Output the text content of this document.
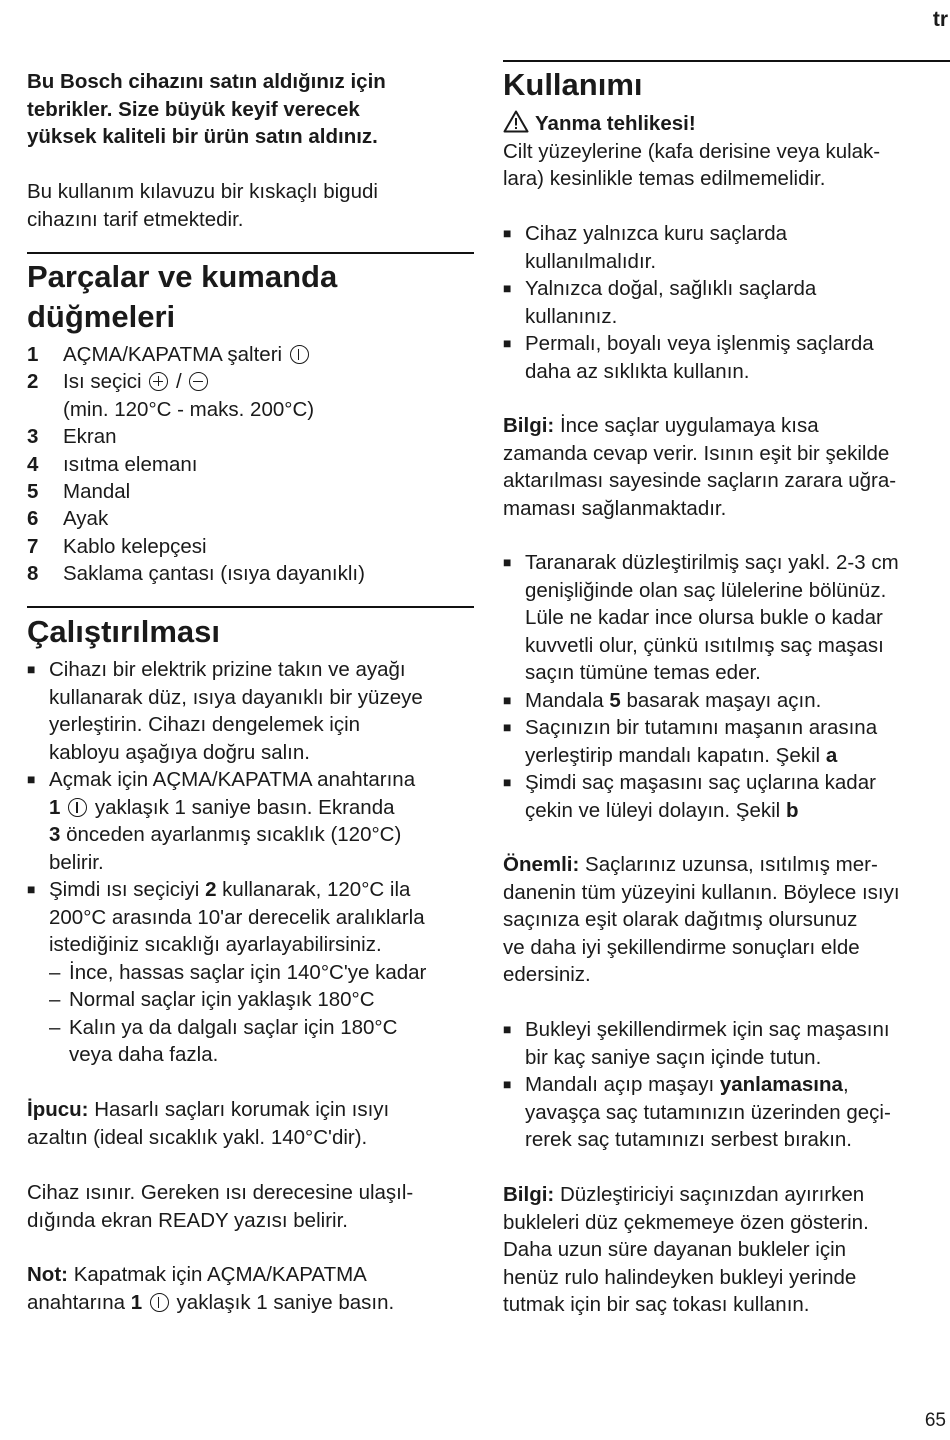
tr
65

Bu Bosch cihazını satın aldığınız için

tebrikler. Size büyük keyif verecek

yüksek kaliteli bir ürün satın aldınız.

Bu kullanım kılavuzu bir kıskaçlı bigudi

cihazını tarif etmektedir.

Parçalar ve kumanda
düğmeleri
1	AÇMA/KAPATMA şalteri
2	Isı seçici /
(min. 120°C - maks. 200°C)
3	Ekran
4	ısıtma elemanı
5	Mandal
6	Ayak
7	Kablo kelepçesi
8	Saklama çantası (ısıya dayanıklı)
Çalıştırılması
■ Cihazı bir elektrik prizine takın ve ayağı
kullanarak düz, ısıya dayanıklı bir yüzeye
yerleştirin. Cihazı dengelemek için
kabloyu aşağıya doğru salın.
■ Açmak için AÇMA/KAPATMA anahtarına
1 yaklaşık 1 saniye basın. Ekranda
3 önceden ayarlanmış sıcaklık (120°C)
belirir.
■ Şimdi ısı seçiciyi 2 kullanarak, 120°C ila
200°C arasında 10'ar derecelik aralıklarla
istediğiniz sıcaklığı ayarlayabilirsiniz.
– İnce, hassas saçlar için 140°C'ye kadar
– Normal saçlar için yaklaşık 180°C
– Kalın ya da dalgalı saçlar için 180°C
veya daha fazla.

İpucu: Hasarlı saçları korumak için ısıyı

azaltın (ideal sıcaklık yakl. 140°C'dir).

Cihaz ısınır. Gereken ısı derecesine ulaşıl-

dığında ekran READY yazısı belirir.

Not: Kapatmak için AÇMA/KAPATMA

anahtarına 1 yaklaşık 1 saniye basın.

Kullanımı

Yanma tehlikesi!

Cilt yüzeylerine (kafa derisine veya kulak-

lara) kesinlikle temas edilmemelidir.

■ Cihaz yalnızca kuru saçlarda
kullanılmalıdır.
■ Yalnızca doğal, sağlıklı saçlarda
kullanınız.
■ Permalı, boyalı veya işlenmiş saçlarda
daha az sıklıkta kullanın.

Bilgi: İnce saçlar uygulamaya kısa

zamanda cevap verir. Isının eşit bir şekilde

aktarılması sayesinde saçların zarara uğra-

maması sağlanmaktadır.

■ Taranarak düzleştirilmiş saçı yakl. 2-3 cm
genişliğinde olan saç lülelerine bölünüz.
Lüle ne kadar ince olursa bukle o kadar
kuvvetli olur, çünkü ısıtılmış saç maşası
saçın tümüne temas eder.
■ Mandala 5 basarak maşayı açın.
■ Saçınızın bir tutamını maşanın arasına
yerleştirip mandalı kapatın. Şekil a
■ Şimdi saç maşasını saç uçlarına kadar
çekin ve lüleyi dolayın. Şekil b

Önemli: Saçlarınız uzunsa, ısıtılmış mer-

danenin tüm yüzeyini kullanın. Böylece ısıyı

saçınıza eşit olarak dağıtmış olursunuz

ve daha iyi şekillendirme sonuçları elde

edersiniz.

■ Bukleyi şekillendirmek için saç maşasını
bir kaç saniye saçın içinde tutun.
■ Mandalı açıp maşayı yanlamasına,
yavaşça saç tutamınızın üzerinden geçi-
rerek saç tutamınızı serbest bırakın.

Bilgi: Düzleştiriciyi saçınızdan ayırırken

bukleleri düz çekmemeye özen gösterin.

Daha uzun süre dayanan bukleler için

henüz rulo halindeyken bukleyi yerinde

tutmak için bir saç tokası kullanın.
